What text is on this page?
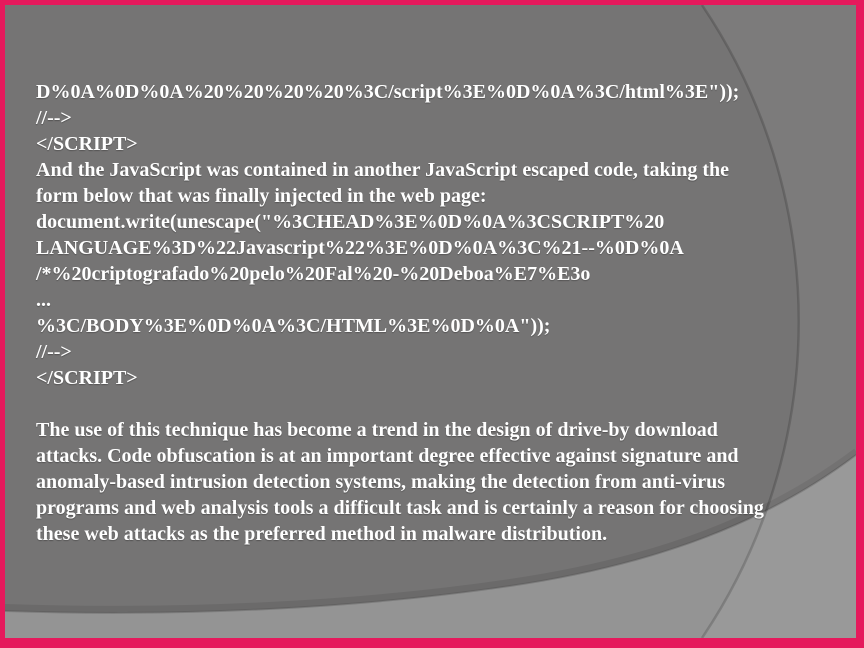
D%0A%0D%0A%20%20%20%20%3C/script%3E%0D%0A%3C/html%3E"));
//-->
</SCRIPT>
And the JavaScript was contained in another JavaScript escaped code, taking the
form below that was finally injected in the web page:
document.write(unescape("%3CHEAD%3E%0D%0A%3CSCRIPT%20
LANGUAGE%3D%22Javascript%22%3E%0D%0A%3C%21--%0D%0A
/*%20criptografado%20pelo%20Fal%20-%20Deboa%E7%E3o
...
%3C/BODY%3E%0D%0A%3C/HTML%3E%0D%0A"));
//-->
</SCRIPT>
The use of this technique has become a trend in the design of drive-by download
attacks. Code obfuscation is at an important degree effective against signature and
anomaly-based intrusion detection systems, making the detection from anti-virus
programs and web analysis tools a difficult task and is certainly a reason for choosing
these web attacks as the preferred method in malware distribution.
